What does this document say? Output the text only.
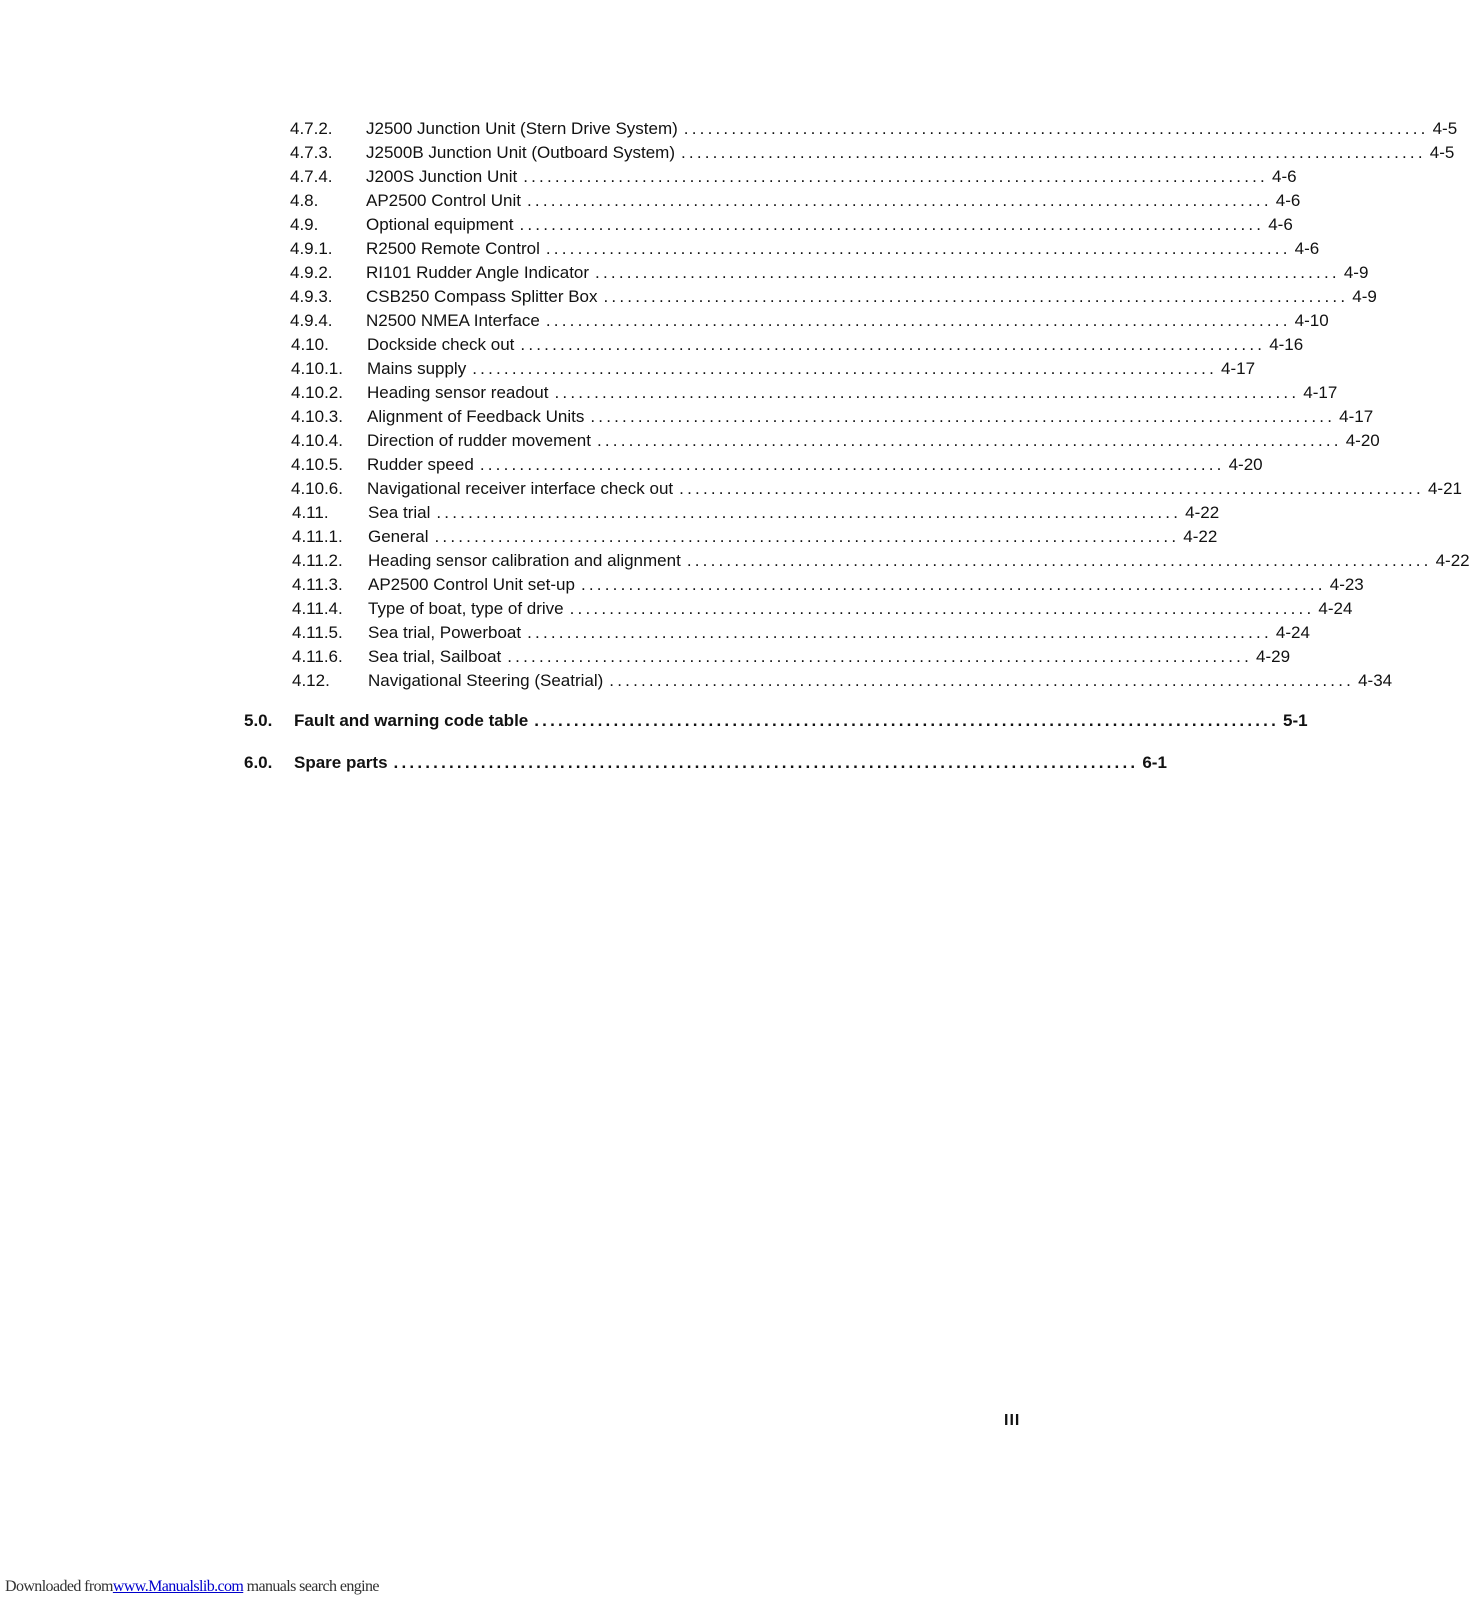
4.7.2.	J2500 Junction Unit (Stern Drive System) .............................................................................................. 4-5
4.7.3.	J2500B Junction Unit (Outboard System) .............................................................................................. 4-5
4.7.4.	J200S Junction Unit .............................................................................................. 4-6
4.8.	AP2500 Control Unit .............................................................................................. 4-6
4.9.	Optional equipment .............................................................................................. 4-6
4.9.1.	R2500 Remote Control .............................................................................................. 4-6
4.9.2.	RI101 Rudder Angle Indicator .............................................................................................. 4-9
4.9.3.	CSB250 Compass Splitter Box .............................................................................................. 4-9
4.9.4.	N2500 NMEA Interface .............................................................................................. 4-10
4.10.	Dockside check out .............................................................................................. 4-16
4.10.1.	Mains supply .............................................................................................. 4-17
4.10.2.	Heading sensor readout .............................................................................................. 4-17
4.10.3.	Alignment of Feedback Units .............................................................................................. 4-17
4.10.4.	Direction of rudder movement .............................................................................................. 4-20
4.10.5.	Rudder speed .............................................................................................. 4-20
4.10.6.	Navigational receiver interface check out .............................................................................................. 4-21
4.11.	Sea trial .............................................................................................. 4-22
4.11.1.	General .............................................................................................. 4-22
4.11.2.	Heading sensor calibration and alignment .............................................................................................. 4-22
4.11.3.	AP2500 Control Unit set-up .............................................................................................. 4-23
4.11.4.	Type of boat, type of drive .............................................................................................. 4-24
4.11.5.	Sea trial, Powerboat .............................................................................................. 4-24
4.11.6.	Sea trial, Sailboat .............................................................................................. 4-29
4.12.	Navigational Steering (Seatrial) .............................................................................................. 4-34
5.0.	Fault and warning code table .............................................................................................. 5-1
6.0.	Spare parts .............................................................................................. 6-1
III
Downloaded fromwww.Manualslib.com manuals search engine
